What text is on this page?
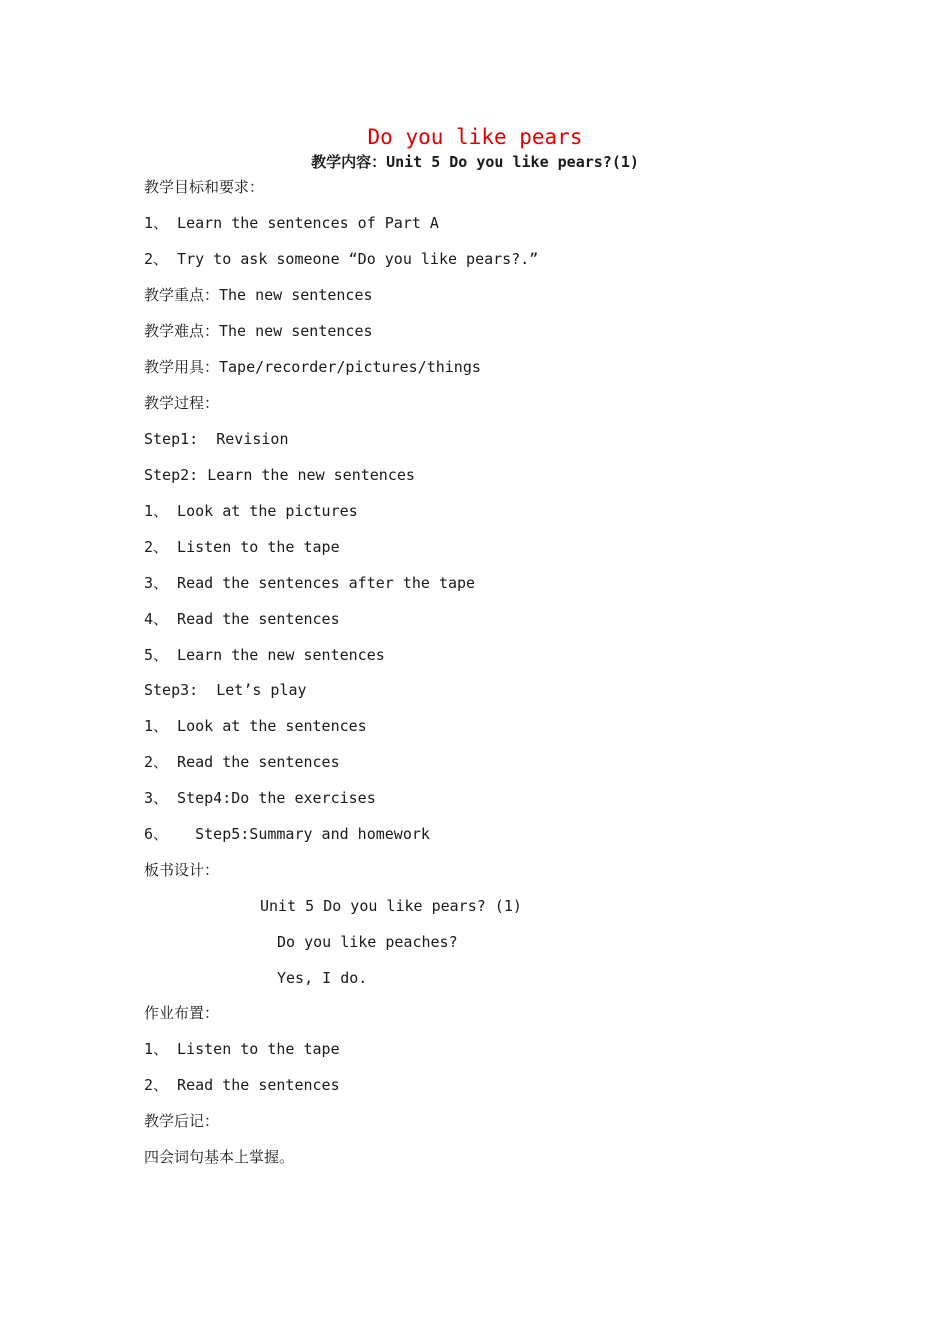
Do you like pears
教学内容：Unit 5 Do you like pears?(1)
教学目标和要求：
1、 Learn the sentences of Part A
2、 Try to ask someone “Do you like pears?.”
教学重点：The new sentences
教学难点：The new sentences
教学用具：Tape/recorder/pictures/things
教学过程：
Step1:  Revision
Step2: Learn the new sentences
1、 Look at the pictures
2、 Listen to the tape
3、 Read the sentences after the tape
4、 Read the sentences
5、 Learn the new sentences
Step3:  Let’s play
1、 Look at the sentences
2、 Read the sentences
3、 Step4:Do the exercises
6、   Step5:Summary and homework
板书设计：
Unit 5 Do you like pears? (1)
Do you like peaches?
Yes, I do.
作业布置：
1、 Listen to the tape
2、 Read the sentences
教学后记：
四会词句基本上掌握。
